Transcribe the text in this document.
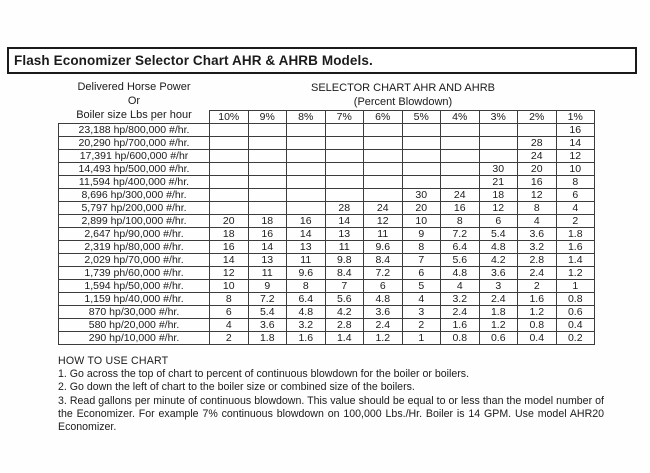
Flash Economizer Selector Chart AHR & AHRB Models.
Delivered Horse Power
Or
Boiler size Lbs per hour
SELECTOR CHART AHR AND AHRB
(Percent Blowdown)
	10%	9%	8%	7%	6%	5%	4%	3%	2%	1%
23,188 hp/800,000 #/hr.										16
20,290 hp/700,000 #/hr.									28	14
17,391 hp/600,000 #/hr									24	12
14,493 hp/500,000 #/hr.								30	20	10
11,594 hp/400,000 #/hr.								21	16	8
8,696 hp/300,000 #/hr.						30	24	18	12	6
5,797 hp/200,000 #/hr.				28	24	20	16	12	8	4
2,899 hp/100,000 #/hr.	20	18	16	14	12	10	8	6	4	2
2,647 hp/90,000 #/hr.	18	16	14	13	11	9	7.2	5.4	3.6	1.8
2,319 hp/80,000 #/hr.	16	14	13	11	9.6	8	6.4	4.8	3.2	1.6
2,029 hp/70,000 #/hr.	14	13	11	9.8	8.4	7	5.6	4.2	2.8	1.4
1,739 ph/60,000 #/hr.	12	11	9.6	8.4	7.2	6	4.8	3.6	2.4	1.2
1,594 hp/50,000 #/hr.	10	9	8	7	6	5	4	3	2	1
1,159 hp/40,000 #/hr.	8	7.2	6.4	5.6	4.8	4	3.2	2.4	1.6	0.8
870 hp/30,000 #/hr.	6	5.4	4.8	4.2	3.6	3	2.4	1.8	1.2	0.6
580 hp/20,000 #/hr.	4	3.6	3.2	2.8	2.4	2	1.6	1.2	0.8	0.4
290 hp/10,000 #/hr.	2	1.8	1.6	1.4	1.2	1	0.8	0.6	0.4	0.2
HOW TO USE CHART

1. Go across the top of chart to percent of continuous blowdown for the boiler or boilers.

2. Go down the left of chart to the boiler size or combined size of the boilers.

3. Read gallons per minute of continuous blowdown. This value should be equal to or less than the model number of the Economizer. For example 7% continuous blowdown on 100,000 Lbs./Hr. Boiler is 14 GPM. Use model AHR20 Economizer.
